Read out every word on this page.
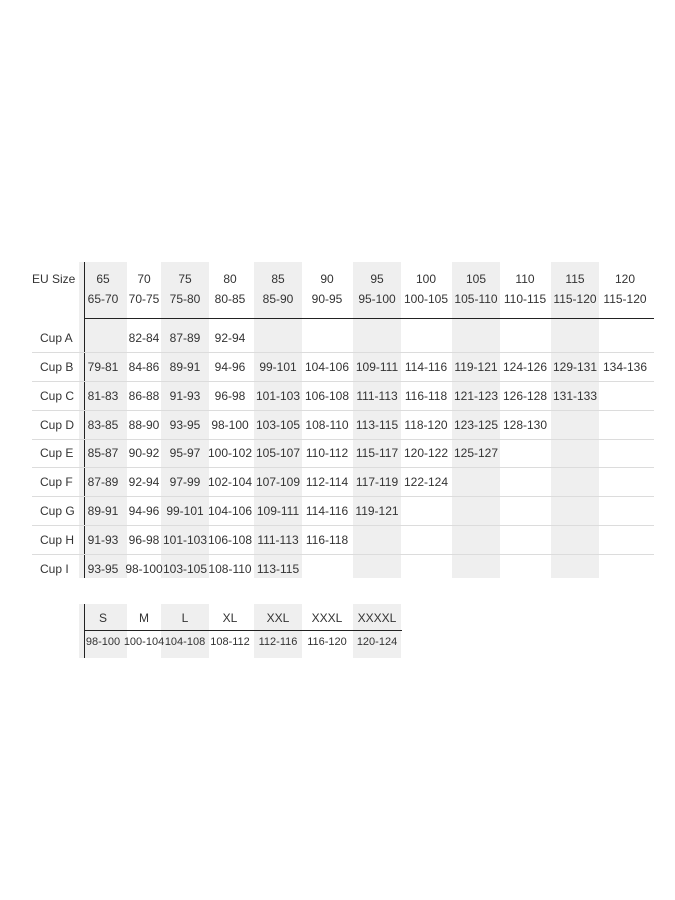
EU Size 65
65-70
70
70-75
75
75-80
80
80-85
85
85-90
90
90-95
95
95-100
100
100-105
105
105-110
110
110-115
115
115-120
120
115-120
Cup A	82-84 87-89 92-94
Cup B 79-81 84-86 89-91 94-96 99-101 104-106 109-111 114-116 119-121 124-126 129-131 134-136
Cup C 81-83 86-88 91-93 96-98 101-103 106-108 111-113 116-118 121-123 126-128 131-133
Cup D 83-85 88-90 93-95 98-100 103-105 108-110 113-115 118-120 123-125 128-130
Cup E 85-87 90-92 95-97 100-102 105-107 110-112 115-117 120-122 125-127
Cup F 87-89 92-94 97-99 102-104 107-109 112-114 117-119 122-124
Cup G 89-91 94-96 99-101 104-106 109-111 114-116 119-121
Cup H 91-93 96-98 101-103 106-108 111-113 116-118
Cup I 93-95 98-100 103-105 108-110 113-115
S
98-100
M
100-104
L
104-108
XL
108-112
XXL
112-116
XXXL
116-120
XXXXL
120-124
